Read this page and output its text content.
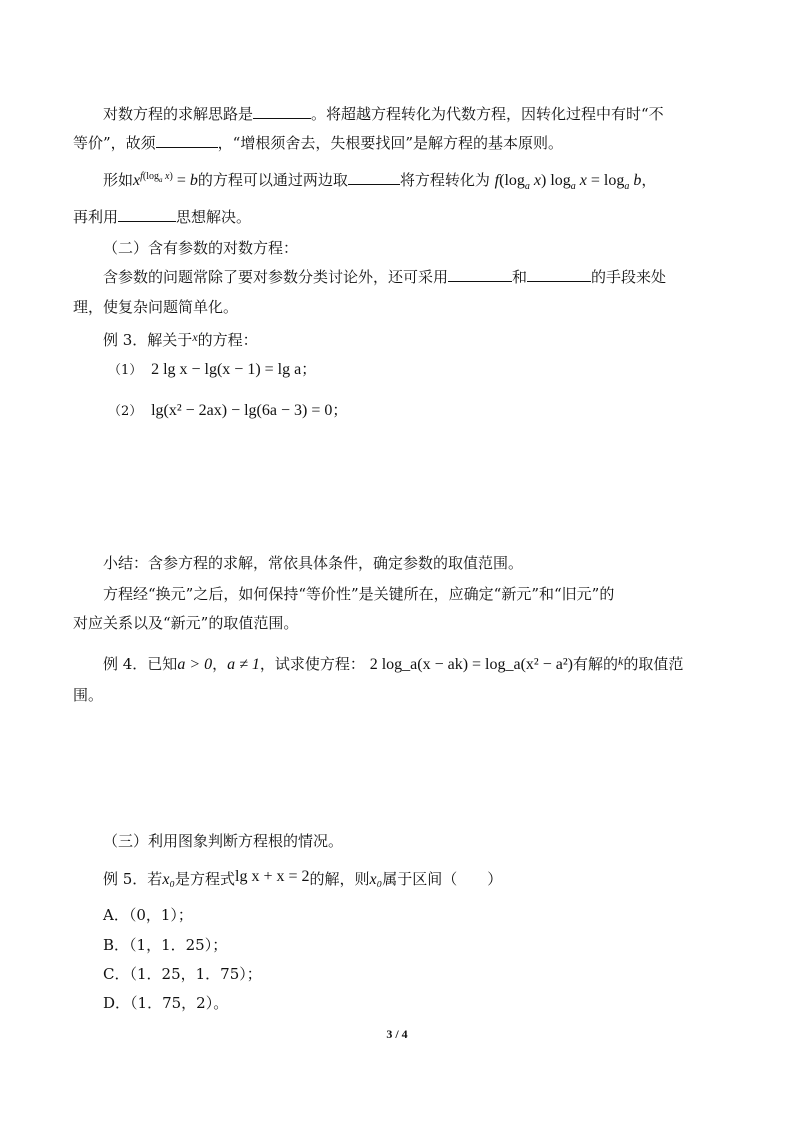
对数方程的求解思路是	。将超越方程转化为代数方程，因转化过程中有时“不
等价”，故须	，“增根须舍去，失根要找回”是解方程的基本原则。
形如$x^{f(log_a x)} = b$的方程可以通过两边取	将方程转化为 $f(\log_a$ x) $\log_a x = \log_a b$，
再利用	思想解决。
（二）含有参数的对数方程：
含参数的问题常除了要对参数分类讨论外，还可采用	和	的手段来处
理，使复杂问题简单化。
例 3．解关于$^x$的方程：
（1） 2 lg x − lg(x − 1) = lg a；
（2） lg(x² − 2ax) − lg(6a − 3) = 0；
小结：含参方程的求解，常依具体条件，确定参数的取值范围。
方程经“换元”之后，如何保持“等价性”是关键所在，应确定“新元”和“旧元”的
对应关系以及“新元”的取值范围。
例 4．已知a > 0，a ≠ 1，试求使方程： 2 log_a(x − ak) = log_a(x² − a²)有解的$^k$的取值范
围。
（三）利用图象判断方程根的情况。
例 5．若x₀是方程式lg x + x = 2的解，则x₀属于区间（　　）
A．（0，1）；
B．（1，1．25）；
C．（1．25，1．75）；
D．（1．75，2）。
3 / 4
